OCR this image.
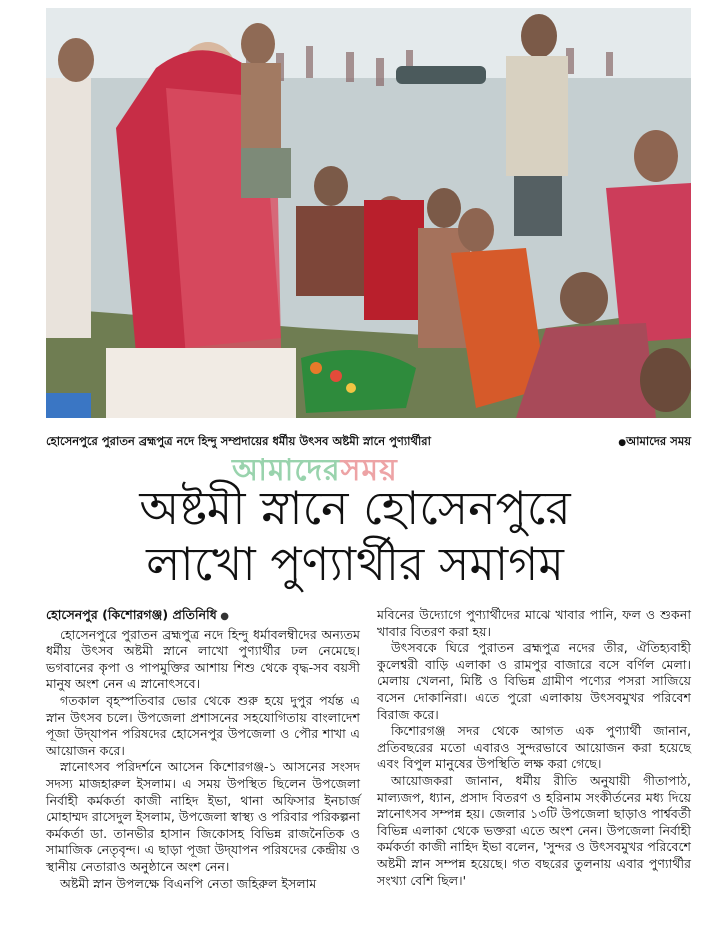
হোসেনপুরে পুরাতন ব্রহ্মপুত্র নদে হিন্দু সম্প্রদায়ের ধর্মীয় উৎসব অষ্টমী স্নানে পুণ্যার্থীরা
●	আমাদের সময়
আমাদেরসময়
অষ্টমী স্নানে হোসেনপুরে
লাখো পুণ্যার্থীর সমাগম
হোসেনপুর (কিশোরগঞ্জ) প্রতিনিধি ●

হোসেনপুরে পুরাতন ব্রহ্মপুত্র নদে হিন্দু ধর্মাবলম্বীদের অন্যতম ধর্মীয় উৎসব অষ্টমী স্নানে লাখো পুণ্যার্থীর ঢল নেমেছে। ভগবানের কৃপা ও পাপমুক্তির আশায় শিশু থেকে বৃদ্ধ-সব বয়সী মানুষ অংশ নেন এ স্নানোৎসবে।

গতকাল বৃহস্পতিবার ভোর থেকে শুরু হয়ে দুপুর পর্যন্ত এ স্নান উৎসব চলে। উপজেলা প্রশাসনের সহযোগিতায় বাংলাদেশ পূজা উদ্‌যাপন পরিষদের হোসেনপুর উপজেলা ও পৌর শাখা এ আয়োজন করে।

স্নানোৎসব পরিদর্শনে আসেন কিশোরগঞ্জ-১ আসনের সংসদ সদস্য মাজহারুল ইসলাম। এ সময় উপস্থিত ছিলেন উপজেলা নির্বাহী কর্মকর্তা কাজী নাহিদ ইভা, থানা অফিসার ইনচার্জ মোহাম্মদ রাসেদুল ইসলাম, উপজেলা স্বাস্থ্য ও পরিবার পরিকল্পনা কর্মকর্তা ডা. তানভীর হাসান জিকোসহ বিভিন্ন রাজনৈতিক ও সামাজিক নেতৃবৃন্দ। এ ছাড়া পূজা উদ্‌যাপন পরিষদের কেন্দ্রীয় ও স্থানীয় নেতারাও অনুষ্ঠানে অংশ নেন।

অষ্টমী স্নান উপলক্ষে বিএনপি নেতা জহিরুল ইসলাম

মবিনের উদ্যোগে পুণ্যার্থীদের মাঝে খাবার পানি, ফল ও শুকনা খাবার বিতরণ করা হয়।

উৎসবকে ঘিরে পুরাতন ব্রহ্মপুত্র নদের তীর, ঐতিহ্যবাহী কুলেশ্বরী বাড়ি এলাকা ও রামপুর বাজারে বসে বর্ণিল মেলা। মেলায় খেলনা, মিষ্টি ও বিভিন্ন গ্রামীণ পণ্যের পসরা সাজিয়ে বসেন দোকানিরা। এতে পুরো এলাকায় উৎসবমুখর পরিবেশ বিরাজ করে।

কিশোরগঞ্জ সদর থেকে আগত এক পুণ্যার্থী জানান, প্রতিবছরের মতো এবারও সুন্দরভাবে আয়োজন করা হয়েছে এবং বিপুল মানুষের উপস্থিতি লক্ষ করা গেছে।

আয়োজকরা জানান, ধর্মীয় রীতি অনুযায়ী গীতাপাঠ, মাল্যজপ, ধ্যান, প্রসাদ বিতরণ ও হরিনাম সংকীর্তনের মধ্য দিয়ে স্নানোৎসব সম্পন্ন হয়। জেলার ১৩টি উপজেলা ছাড়াও পার্শ্ববর্তী বিভিন্ন এলাকা থেকে ভক্তরা এতে অংশ নেন। উপজেলা নির্বাহী কর্মকর্তা কাজী নাহিদ ইভা বলেন, 'সুন্দর ও উৎসবমুখর পরিবেশে অষ্টমী স্নান সম্পন্ন হয়েছে। গত বছরের তুলনায় এবার পুণ্যার্থীর সংখ্যা বেশি ছিল।'
